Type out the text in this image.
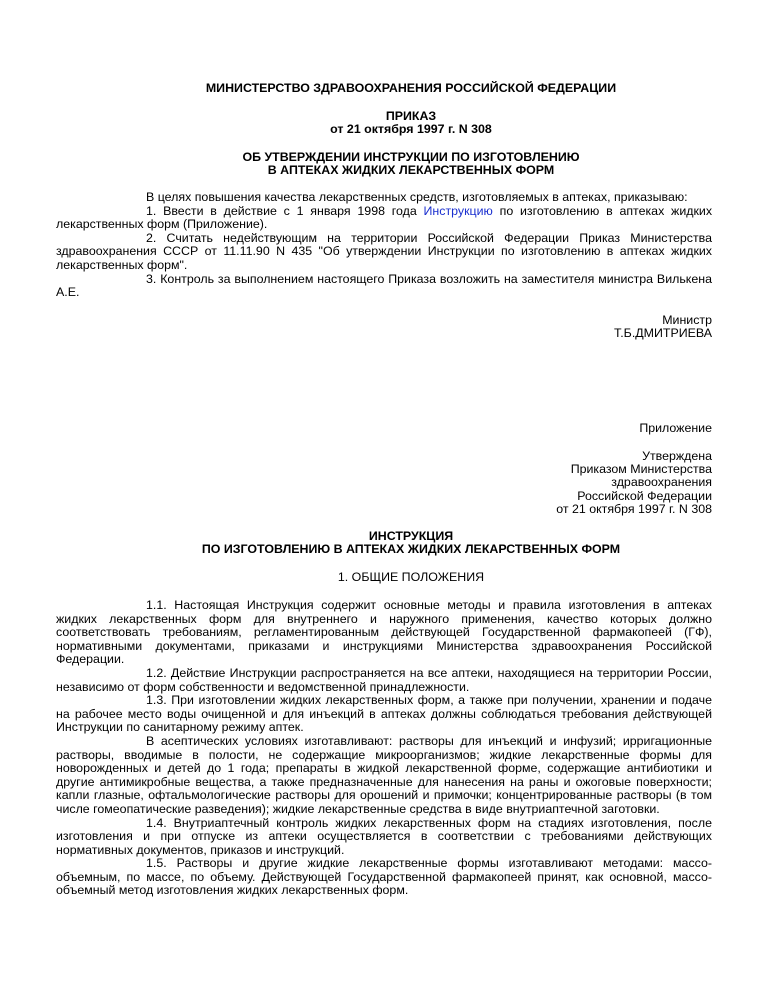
МИНИСТЕРСТВО ЗДРАВООХРАНЕНИЯ РОССИЙСКОЙ ФЕДЕРАЦИИ
ПРИКАЗ
от 21 октября 1997 г. N 308
ОБ УТВЕРЖДЕНИИ ИНСТРУКЦИИ ПО ИЗГОТОВЛЕНИЮ
В АПТЕКАХ ЖИДКИХ ЛЕКАРСТВЕННЫХ ФОРМ
В целях повышения качества лекарственных средств, изготовляемых в аптеках, приказываю:
1. Ввести в действие с 1 января 1998 года Инструкцию по изготовлению в аптеках жидких лекарственных форм (Приложение).
2. Считать недействующим на территории Российской Федерации Приказ Министерства здравоохранения СССР от 11.11.90 N 435 "Об утверждении Инструкции по изготовлению в аптеках жидких лекарственных форм".
3. Контроль за выполнением настоящего Приказа возложить на заместителя министра Вилькена А.Е.
Министр
Т.Б.ДМИТРИЕВА
Приложение
Утверждена
Приказом Министерства
здравоохранения
Российской Федерации
от 21 октября 1997 г. N 308
ИНСТРУКЦИЯ
ПО ИЗГОТОВЛЕНИЮ В АПТЕКАХ ЖИДКИХ ЛЕКАРСТВЕННЫХ ФОРМ
1. ОБЩИЕ ПОЛОЖЕНИЯ
1.1. Настоящая Инструкция содержит основные методы и правила изготовления в аптеках жидких лекарственных форм для внутреннего и наружного применения, качество которых должно соответствовать требованиям, регламентированным действующей Государственной фармакопеей (ГФ), нормативными документами, приказами и инструкциями Министерства здравоохранения Российской Федерации.
1.2. Действие Инструкции распространяется на все аптеки, находящиеся на территории России, независимо от форм собственности и ведомственной принадлежности.
1.3. При изготовлении жидких лекарственных форм, а также при получении, хранении и подаче на рабочее место воды очищенной и для инъекций в аптеках должны соблюдаться требования действующей Инструкции по санитарному режиму аптек.
В асептических условиях изготавливают: растворы для инъекций и инфузий; ирригационные растворы, вводимые в полости, не содержащие микроорганизмов; жидкие лекарственные формы для новорожденных и детей до 1 года; препараты в жидкой лекарственной форме, содержащие антибиотики и другие антимикробные вещества, а также предназначенные для нанесения на раны и ожоговые поверхности; капли глазные, офтальмологические растворы для орошений и примочки; концентрированные растворы (в том числе гомеопатические разведения); жидкие лекарственные средства в виде внутриаптечной заготовки.
1.4. Внутриаптечный контроль жидких лекарственных форм на стадиях изготовления, после изготовления и при отпуске из аптеки осуществляется в соответствии с требованиями действующих нормативных документов, приказов и инструкций.
1.5. Растворы и другие жидкие лекарственные формы изготавливают методами: массо-объемным, по массе, по объему. Действующей Государственной фармакопеей принят, как основной, массо-объемный метод изготовления жидких лекарственных форм.
